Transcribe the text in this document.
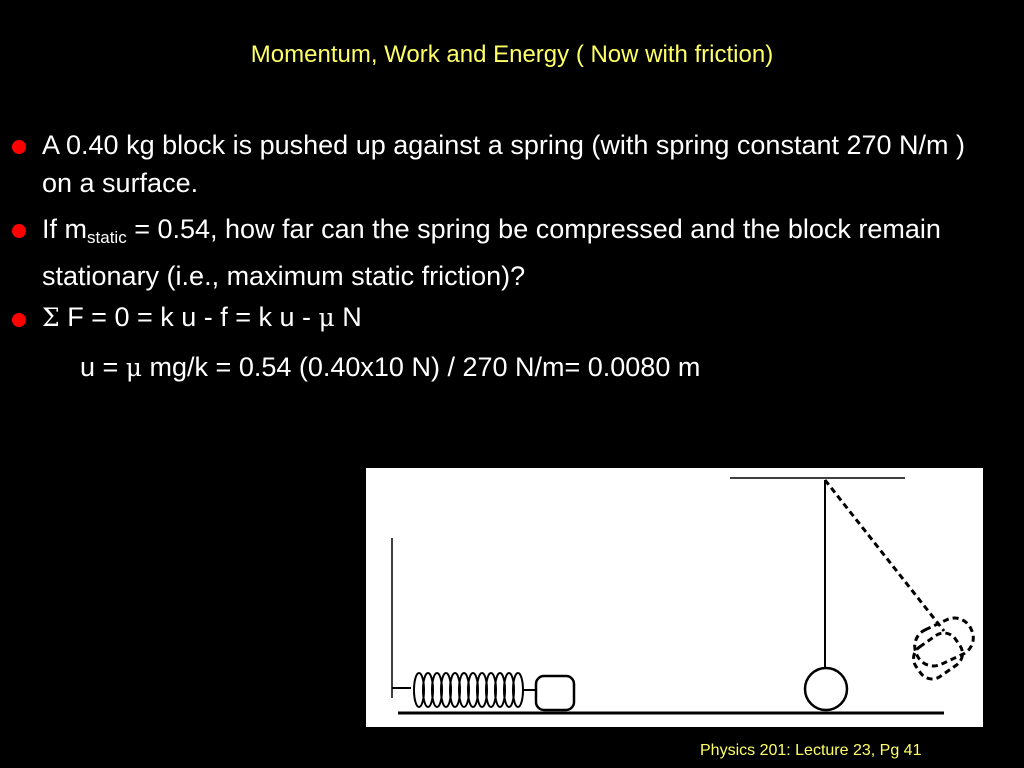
Momentum, Work and Energy ( Now with friction)
A 0.40 kg block is pushed up against a spring (with spring constant 270 N/m ) on a surface.
If $m_{static} = 0.54$, how far can the spring be compressed and the block remain stationary (i.e., maximum static friction)?
Σ F = 0 = k u - f = k u - μ N
u = μ mg/k = 0.54 (0.40x10 N) / 270 N/m= 0.0080 m
Physics 201: Lecture 23, Pg 41
